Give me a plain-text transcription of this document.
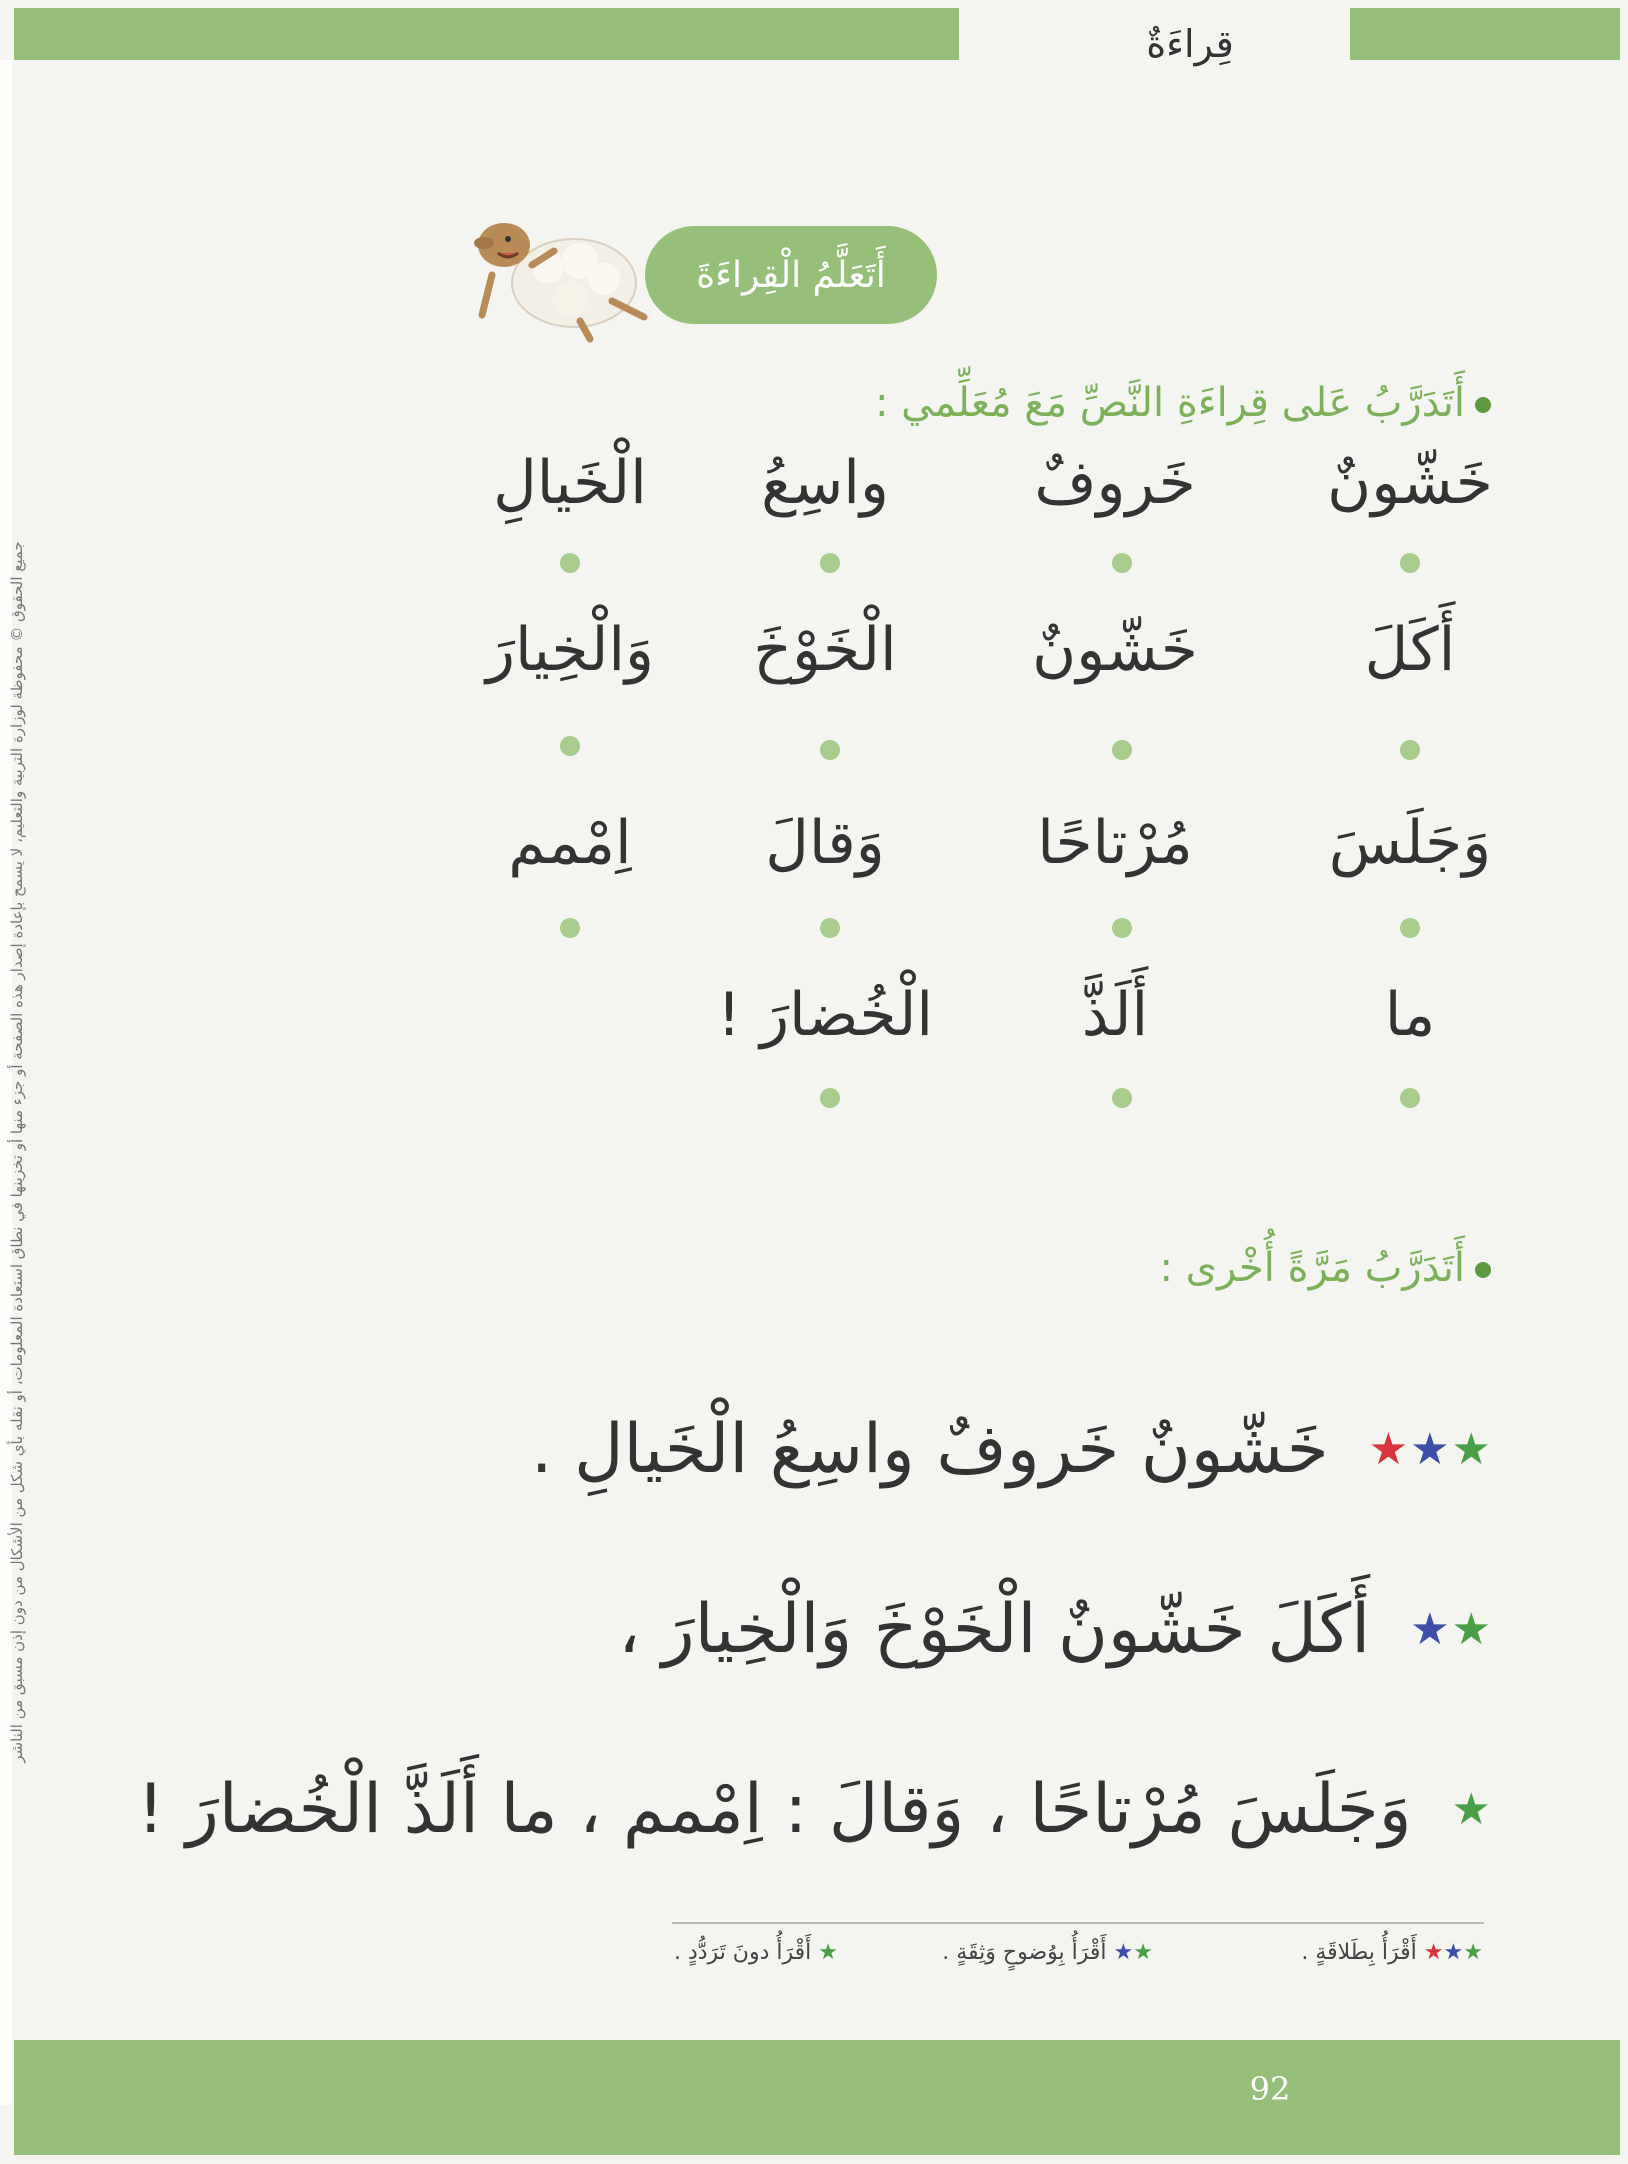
قِراءَةٌ
جميع الحقوق © محفوظة لوزارة التربية والتعليم، لا يسمح بإعادة إصدار هذه الصفحة أو جزء منها أو تخزينها في نطاق استعادة المعلومات، أو نقله بأي شكل من الأشكال من دون إذن مسبق من الناشر
أَتَعَلَّمُ الْقِراءَةَ
أَتَدَرَّبُ عَلى قِراءَةِ النَّصِّ مَعَ مُعَلِّمي :
خَشّونٌ
خَروفٌ
واسِعُ
الْخَيالِ
أَكَلَ
خَشّونٌ
الْخَوْخَ
وَالْخِيارَ
وَجَلَسَ
مُرْتاحًا
وَقالَ
اِمْمم
ما
أَلَذَّ
الْخُضارَ !
أَتَدَرَّبُ مَرَّةً أُخْرى :
★★★خَشّونٌ خَروفٌ واسِعُ الْخَيالِ .
★★أَكَلَ خَشّونٌ الْخَوْخَ وَالْخِيارَ ،
★وَجَلَسَ مُرْتاحًا ، وَقالَ : اِمْمم ، ما أَلَذَّ الْخُضارَ !
★★★ أَقْرَأُ بِطَلاقَةٍ .
★★ أَقْرَأُ بِوُضوحٍ وَثِقَةٍ .
★ أَقْرَأُ دونَ تَرَدُّدٍ .
92
